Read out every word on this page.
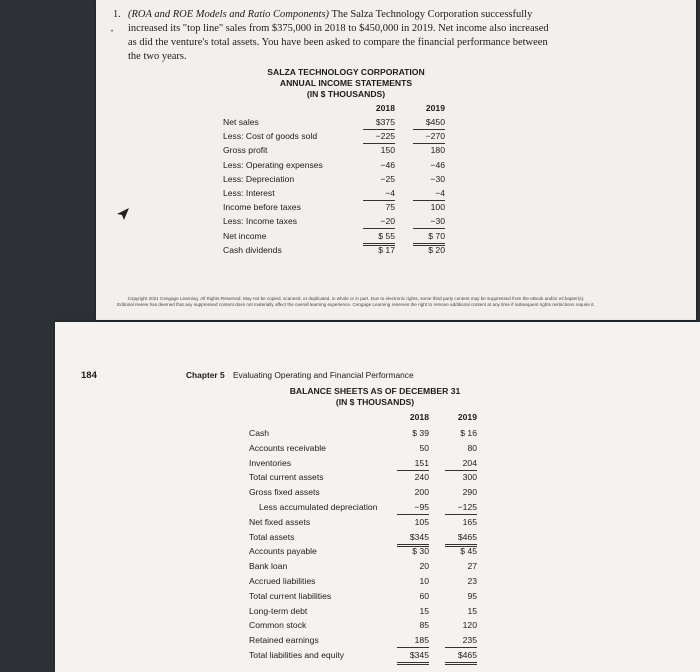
•
1. (ROA and ROE Models and Ratio Components) The Salza Technology Corporation successfully increased its "top line" sales from $375,000 in 2018 to $450,000 in 2019. Net income also increased as did the venture's total assets. You have been asked to compare the financial performance between the two years.
SALZA TECHNOLOGY CORPORATION
ANNUAL INCOME STATEMENTS
(IN $ THOUSANDS)
2018	2019
Net sales	$375	$450
Less: Cost of goods sold	−225	−270
Gross profit	150	180
Less: Operating expenses	−46	−46
Less: Depreciation	−25	−30
Less: Interest	−4	−4
Income before taxes	75	100
Less: Income taxes	−20	−30
Net income	$ 55	$ 70
Cash dividends	$ 17	$ 20
Copyright 2021 Cengage Learning. All Rights Reserved. May not be copied, scanned, or duplicated, in whole or in part. Due to electronic rights, some third party content may be suppressed from the eBook and/or eChapter(s).
Editorial review has deemed that any suppressed content does not materially affect the overall learning experience. Cengage Learning reserves the right to remove additional content at any time if subsequent rights restrictions require it.
184	Chapter 5 Evaluating Operating and Financial Performance
BALANCE SHEETS AS OF DECEMBER 31
(IN $ THOUSANDS)
2018	2019
Cash	$ 39	$ 16
Accounts receivable	50	80
Inventories	151	204
Total current assets	240	300
Gross fixed assets	200	290
Less accumulated depreciation	−95	−125
Net fixed assets	105	165
Total assets	$345	$465
Accounts payable	$ 30	$ 45
Bank loan	20	27
Accrued liabilities	10	23
Total current liabilities	60	95
Long-term debt	15	15
Common stock	85	120
Retained earnings	185	235
Total liabilities and equity	$345	$465
